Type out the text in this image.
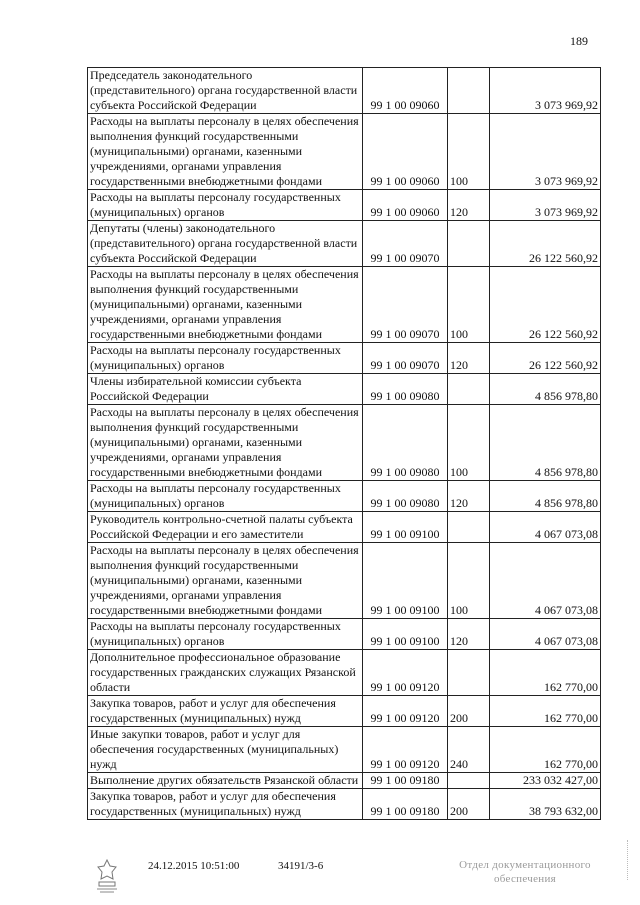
189
Председатель законодательного (представительного) органа государственной власти субъекта Российской Федерации	99 1 00 09060		3 073 969,92
Расходы на выплаты персоналу в целях обеспечения выполнения функций государственными (муниципальными) органами, казенными учреждениями, органами управления государственными внебюджетными фондами	99 1 00 09060	100	3 073 969,92
Расходы на выплаты персоналу государственных (муниципальных) органов	99 1 00 09060	120	3 073 969,92
Депутаты (члены) законодательного (представительного) органа государственной власти субъекта Российской Федерации	99 1 00 09070		26 122 560,92
Расходы на выплаты персоналу в целях обеспечения выполнения функций государственными (муниципальными) органами, казенными учреждениями, органами управления государственными внебюджетными фондами	99 1 00 09070	100	26 122 560,92
Расходы на выплаты персоналу государственных (муниципальных) органов	99 1 00 09070	120	26 122 560,92
Члены избирательной комиссии субъекта Российской Федерации	99 1 00 09080		4 856 978,80
Расходы на выплаты персоналу в целях обеспечения выполнения функций государственными (муниципальными) органами, казенными учреждениями, органами управления государственными внебюджетными фондами	99 1 00 09080	100	4 856 978,80
Расходы на выплаты персоналу государственных (муниципальных) органов	99 1 00 09080	120	4 856 978,80
Руководитель контрольно-счетной палаты субъекта Российской Федерации и его заместители	99 1 00 09100		4 067 073,08
Расходы на выплаты персоналу в целях обеспечения выполнения функций государственными (муниципальными) органами, казенными учреждениями, органами управления государственными внебюджетными фондами	99 1 00 09100	100	4 067 073,08
Расходы на выплаты персоналу государственных (муниципальных) органов	99 1 00 09100	120	4 067 073,08
Дополнительное профессиональное образование государственных гражданских служащих Рязанской области	99 1 00 09120		162 770,00
Закупка товаров, работ и услуг для обеспечения государственных (муниципальных) нужд	99 1 00 09120	200	162 770,00
Иные закупки товаров, работ и услуг для обеспечения государственных (муниципальных) нужд	99 1 00 09120	240	162 770,00
Выполнение других обязательств Рязанской области	99 1 00 09180		233 032 427,00
Закупка товаров, работ и услуг для обеспечения государственных (муниципальных) нужд	99 1 00 09180	200	38 793 632,00
24.12.2015 10:51:00	34191/3-6	Отдел документационного
обеспечения
